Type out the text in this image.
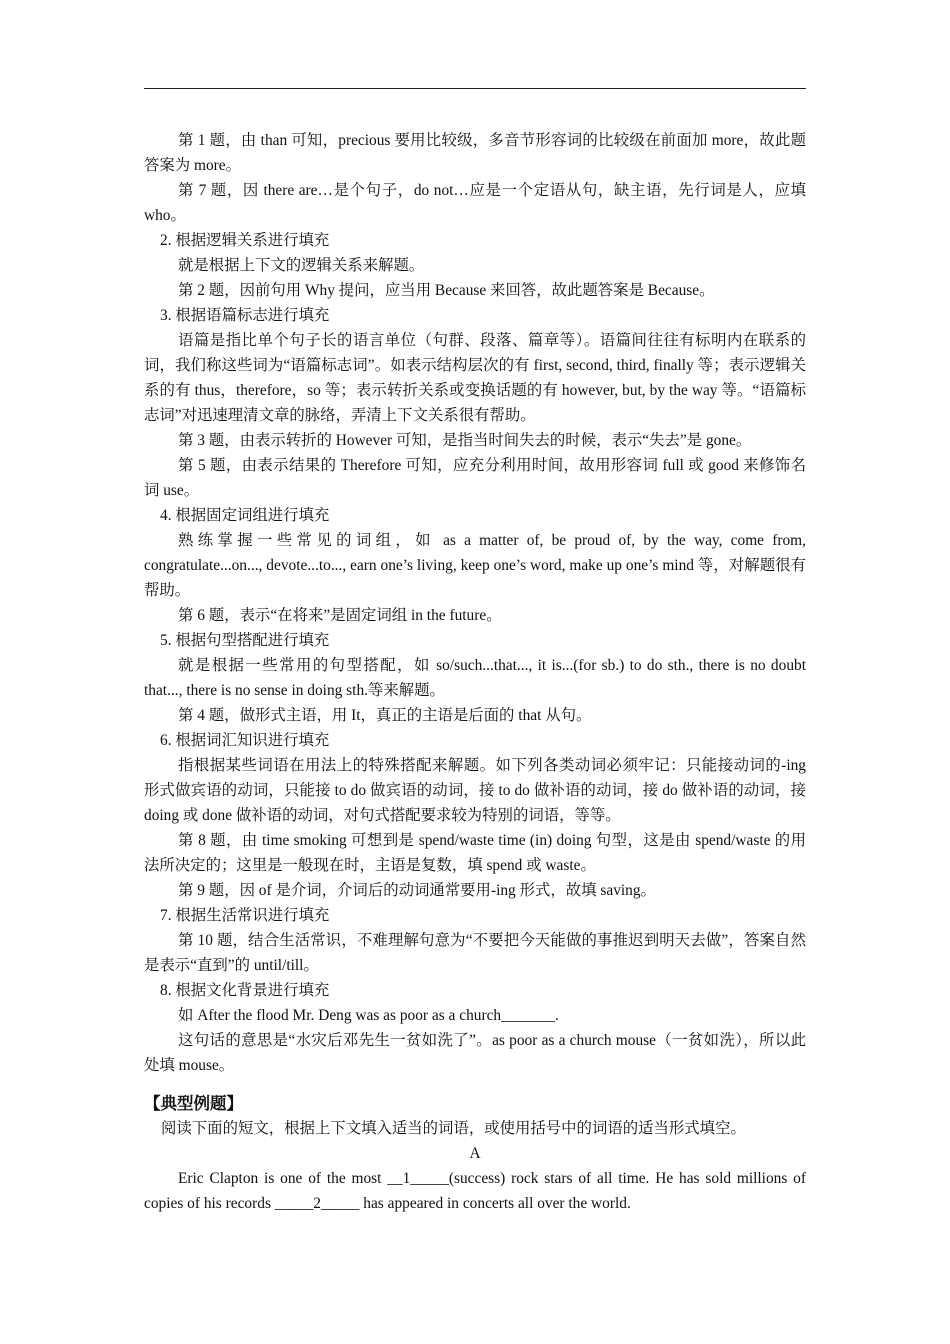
第 1 题，由 than 可知，precious 要用比较级，多音节形容词的比较级在前面加 more，故此题答案为 more。

第 7 题，因 there are…是个句子，do not…应是一个定语从句，缺主语，先行词是人，应填 who。

2. 根据逻辑关系进行填充

就是根据上下文的逻辑关系来解题。

第 2 题，因前句用 Why 提问，应当用 Because 来回答，故此题答案是 Because。

3. 根据语篇标志进行填充

语篇是指比单个句子长的语言单位（句群、段落、篇章等）。语篇间往往有标明内在联系的词，我们称这些词为“语篇标志词”。如表示结构层次的有 first, second, third, finally 等；表示逻辑关系的有 thus，therefore，so 等；表示转折关系或变换话题的有 however, but, by the way 等。“语篇标志词”对迅速理清文章的脉络，弄清上下文关系很有帮助。

第 3 题，由表示转折的 However 可知，是指当时间失去的时候，表示“失去”是 gone。

第 5 题，由表示结果的 Therefore 可知，应充分利用时间，故用形容词 full 或 good 来修饰名词 use。

4. 根据固定词组进行填充

熟练掌握一些常见的词组，如 as a matter of, be proud of, by the way, come from, congratulate...on..., devote...to..., earn one’s living, keep one’s word, make up one’s mind 等，对解题很有帮助。

第 6 题，表示“在将来”是固定词组 in the future。

5. 根据句型搭配进行填充

就是根据一些常用的句型搭配，如 so/such...that..., it is...(for sb.) to do sth., there is no doubt that..., there is no sense in doing sth.等来解题。

第 4 题，做形式主语，用 It，真正的主语是后面的 that 从句。

6. 根据词汇知识进行填充

指根据某些词语在用法上的特殊搭配来解题。如下列各类动词必须牢记：只能接动词的-ing 形式做宾语的动词，只能接 to do 做宾语的动词，接 to do 做补语的动词，接 do 做补语的动词，接 doing 或 done 做补语的动词，对句式搭配要求较为特别的词语，等等。

第 8 题，由 time smoking 可想到是 spend/waste time (in) doing 句型，这是由 spend/waste 的用法所决定的；这里是一般现在时，主语是复数，填 spend 或 waste。

第 9 题，因 of 是介词，介词后的动词通常要用-ing 形式，故填 saving。

7. 根据生活常识进行填充

第 10 题，结合生活常识，不难理解句意为“不要把今天能做的事推迟到明天去做”，答案自然是表示“直到”的 until/till。

8. 根据文化背景进行填充

如 After the flood Mr. Deng was as poor as a church_______.

这句话的意思是“水灾后邓先生一贫如洗了”。as poor as a church mouse（一贫如洗），所以此处填 mouse。

【典型例题】

阅读下面的短文，根据上下文填入适当的词语，或使用括号中的词语的适当形式填空。

A

Eric Clapton is one of the most __1_____(success) rock stars of all time. He has sold millions of copies of his records _____2_____ has appeared in concerts all over the world.
